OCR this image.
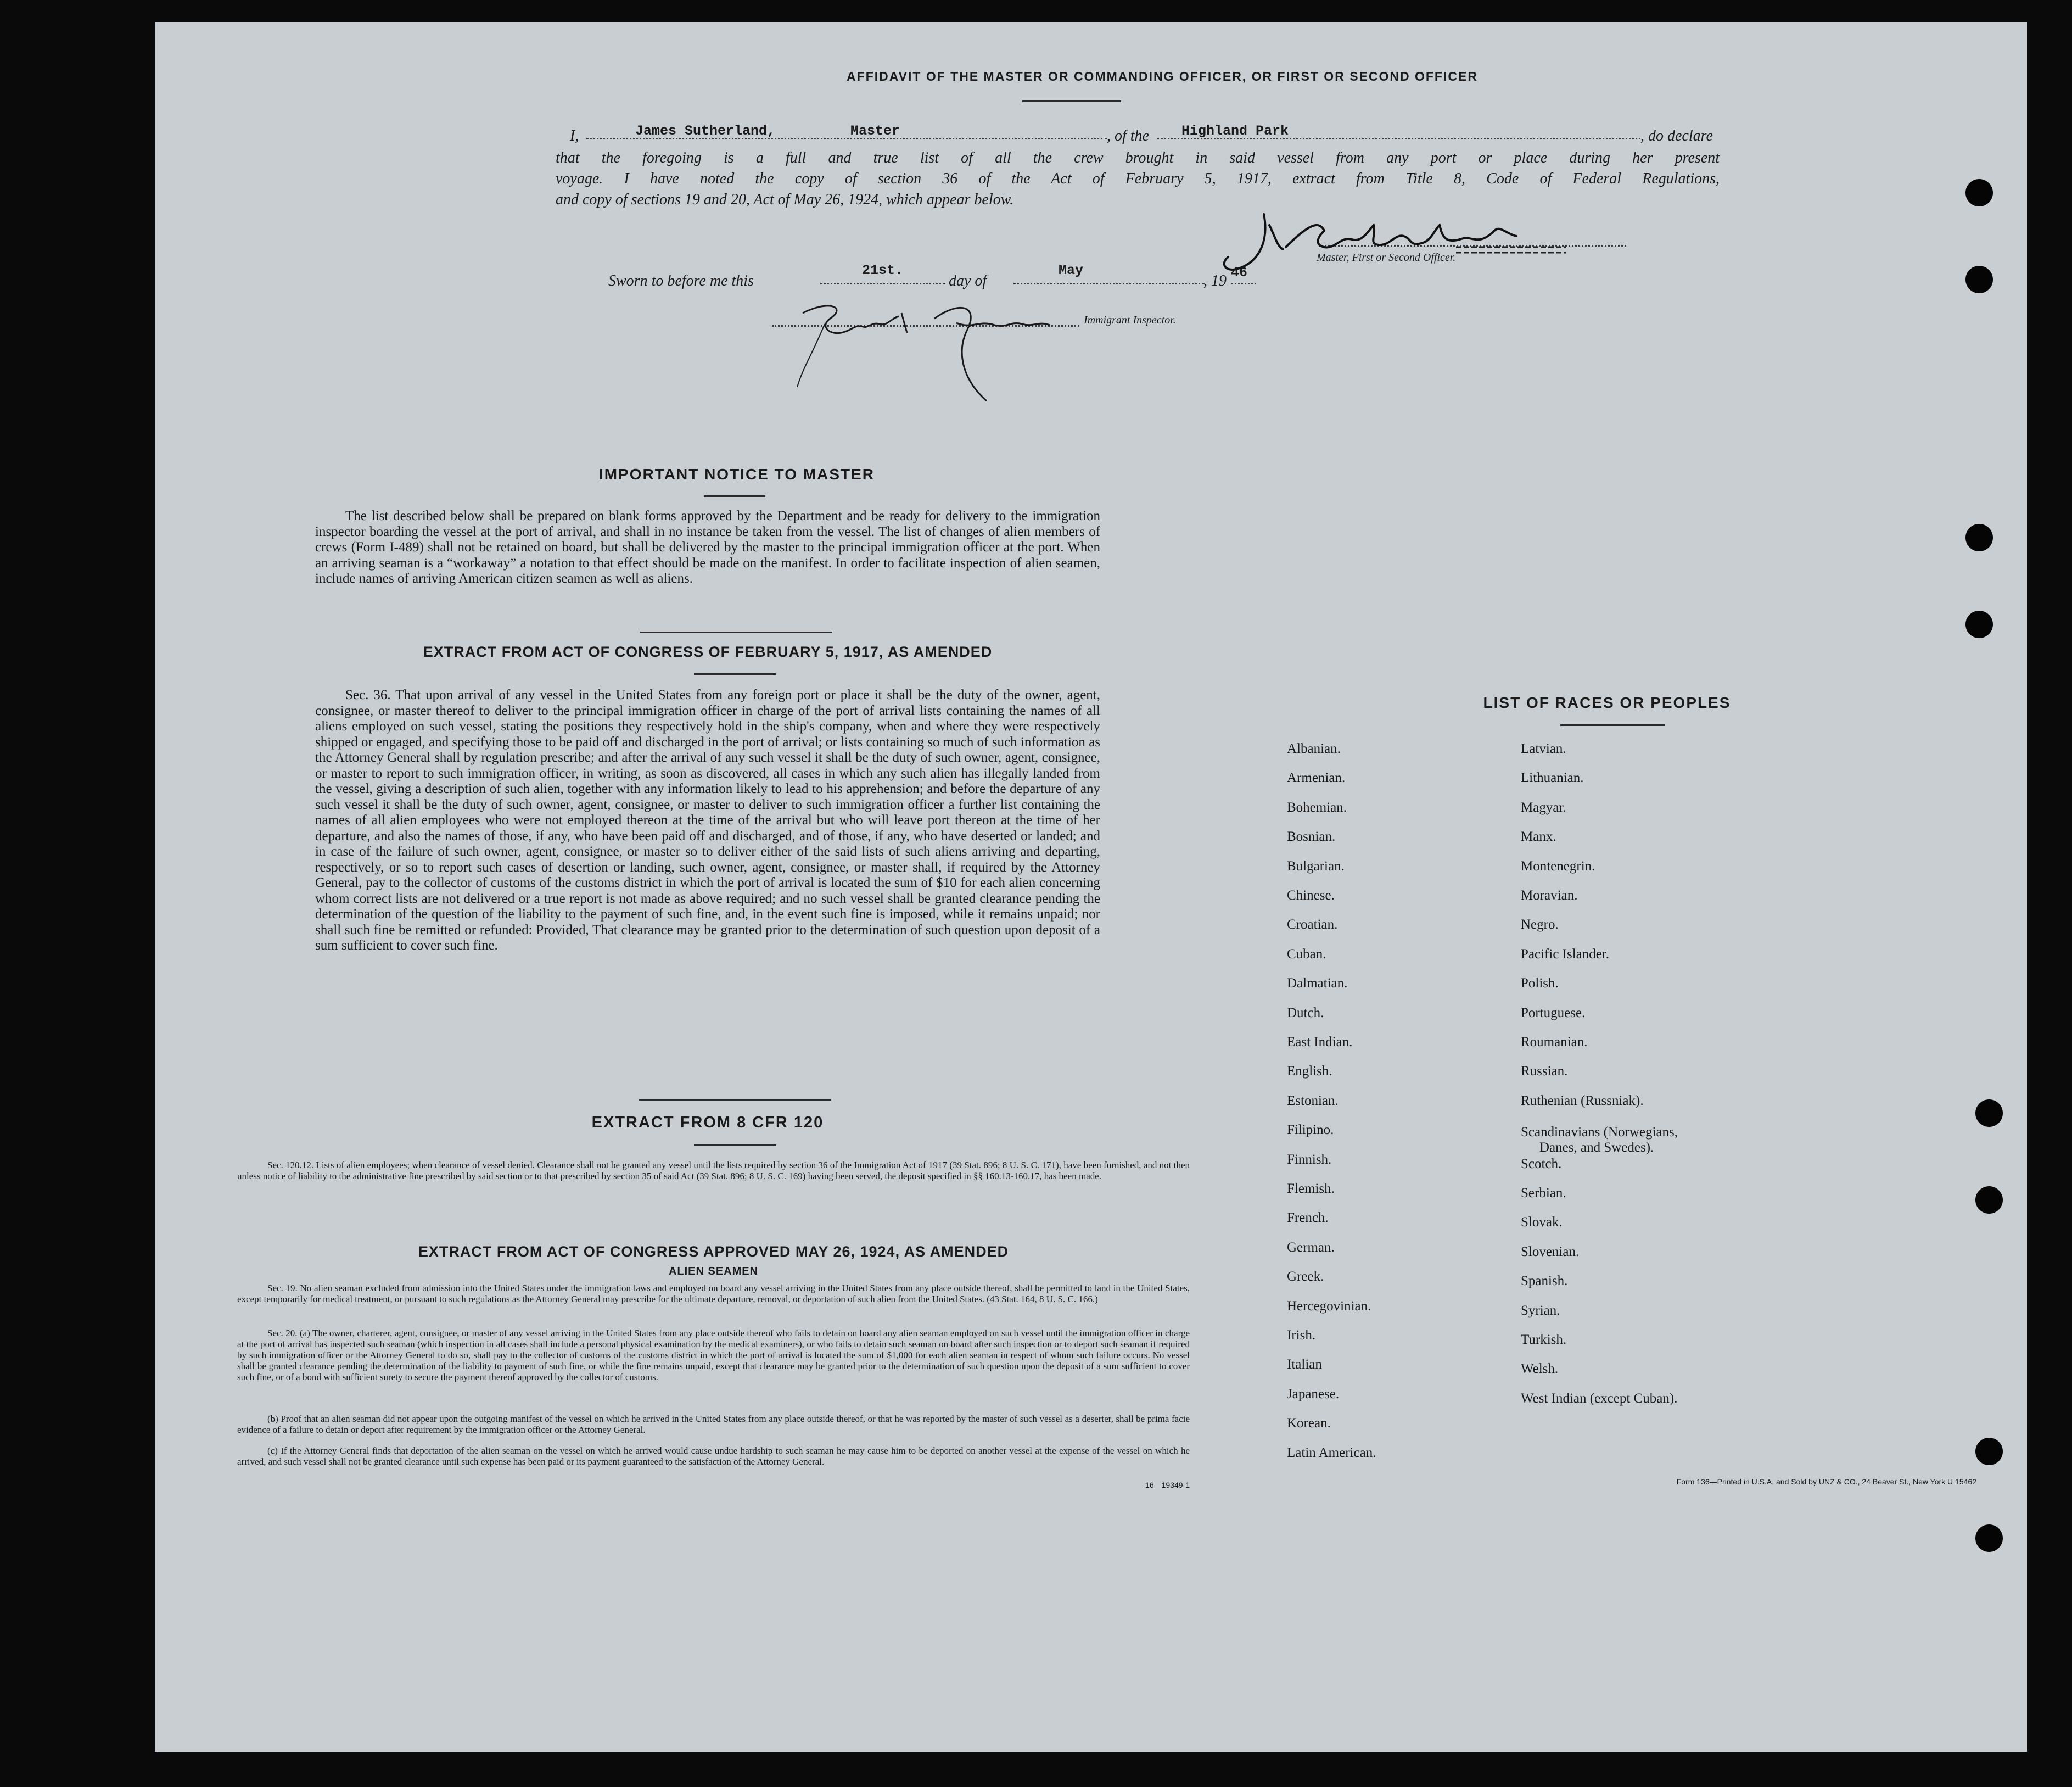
AFFIDAVIT OF THE MASTER OR COMMANDING OFFICER, OR FIRST OR SECOND OFFICER
I,	James Sutherland,	Master	, of the Highland Park	, do declare
that the foregoing is a full and true list of all the crew brought in said vessel from any port or place during her present
voyage. I have noted the copy of section 36 of the Act of February 5, 1917, extract from Title 8, Code of Federal Regulations,
and copy of sections 19 and 20, Act of May 26, 1924, which appear below.
Master, First or Second Officer.
Sworn to before me this
21st.
day of
May
, 19 46
Immigrant Inspector.
IMPORTANT NOTICE TO MASTER
The list described below shall be prepared on blank forms approved by the Department and be ready for delivery to the immigration inspector boarding the vessel at the port of arrival, and shall in no instance be taken from the vessel. The list of changes of alien members of crews (Form I-489) shall not be retained on board, but shall be delivered by the master to the principal immigration officer at the port. When an arriving seaman is a “workaway” a notation to that effect should be made on the manifest. In order to facilitate inspection of alien seamen, include names of arriving American citizen seamen as well as aliens.
EXTRACT FROM ACT OF CONGRESS OF FEBRUARY 5, 1917, AS AMENDED
Sec. 36. That upon arrival of any vessel in the United States from any foreign port or place it shall be the duty of the owner, agent, consignee, or master thereof to deliver to the principal immigration officer in charge of the port of arrival lists containing the names of all aliens employed on such vessel, stating the positions they respectively hold in the ship's company, when and where they were respectively shipped or engaged, and specifying those to be paid off and discharged in the port of arrival; or lists containing so much of such information as the Attorney General shall by regulation prescribe; and after the arrival of any such vessel it shall be the duty of such owner, agent, consignee, or master to report to such immigration officer, in writing, as soon as discovered, all cases in which any such alien has illegally landed from the vessel, giving a description of such alien, together with any information likely to lead to his apprehension; and before the departure of any such vessel it shall be the duty of such owner, agent, consignee, or master to deliver to such immigration officer a further list containing the names of all alien employees who were not employed thereon at the time of the arrival but who will leave port thereon at the time of her departure, and also the names of those, if any, who have been paid off and discharged, and of those, if any, who have deserted or landed; and in case of the failure of such owner, agent, consignee, or master so to deliver either of the said lists of such aliens arriving and departing, respectively, or so to report such cases of desertion or landing, such owner, agent, consignee, or master shall, if required by the Attorney General, pay to the collector of customs of the customs district in which the port of arrival is located the sum of $10 for each alien concerning whom correct lists are not delivered or a true report is not made as above required; and no such vessel shall be granted clearance pending the determination of the question of the liability to the payment of such fine, and, in the event such fine is imposed, while it remains unpaid; nor shall such fine be remitted or refunded: Provided, That clearance may be granted prior to the determination of such question upon deposit of a sum sufficient to cover such fine.
EXTRACT FROM 8 CFR 120
Sec. 120.12. Lists of alien employees; when clearance of vessel denied. Clearance shall not be granted any vessel until the lists required by section 36 of the Immigration Act of 1917 (39 Stat. 896; 8 U. S. C. 171), have been furnished, and not then unless notice of liability to the administrative fine prescribed by said section or to that prescribed by section 35 of said Act (39 Stat. 896; 8 U. S. C. 169) having been served, the deposit specified in §§ 160.13-160.17, has been made.
EXTRACT FROM ACT OF CONGRESS APPROVED MAY 26, 1924, AS AMENDED
ALIEN SEAMEN
Sec. 19. No alien seaman excluded from admission into the United States under the immigration laws and employed on board any vessel arriving in the United States from any place outside thereof, shall be permitted to land in the United States, except temporarily for medical treatment, or pursuant to such regulations as the Attorney General may prescribe for the ultimate departure, removal, or deportation of such alien from the United States. (43 Stat. 164, 8 U. S. C. 166.)
Sec. 20. (a) The owner, charterer, agent, consignee, or master of any vessel arriving in the United States from any place outside thereof who fails to detain on board any alien seaman employed on such vessel until the immigration officer in charge at the port of arrival has inspected such seaman (which inspection in all cases shall include a personal physical examination by the medical examiners), or who fails to detain such seaman on board after such inspection or to deport such seaman if required by such immigration officer or the Attorney General to do so, shall pay to the collector of customs of the customs district in which the port of arrival is located the sum of $1,000 for each alien seaman in respect of whom such failure occurs. No vessel shall be granted clearance pending the determination of the liability to payment of such fine, or while the fine remains unpaid, except that clearance may be granted prior to the determination of such question upon the deposit of a sum sufficient to cover such fine, or of a bond with sufficient surety to secure the payment thereof approved by the collector of customs.
(b) Proof that an alien seaman did not appear upon the outgoing manifest of the vessel on which he arrived in the United States from any place outside thereof, or that he was reported by the master of such vessel as a deserter, shall be prima facie evidence of a failure to detain or deport after requirement by the immigration officer or the Attorney General.
(c) If the Attorney General finds that deportation of the alien seaman on the vessel on which he arrived would cause undue hardship to such seaman he may cause him to be deported on another vessel at the expense of the vessel on which he arrived, and such vessel shall not be granted clearance until such expense has been paid or its payment guaranteed to the satisfaction of the Attorney General.
16—19349-1
LIST OF RACES OR PEOPLES
Albanian.
Armenian.
Bohemian.
Bosnian.
Bulgarian.
Chinese.
Croatian.
Cuban.
Dalmatian.
Dutch.
East Indian.
English.
Estonian.
Filipino.
Finnish.
Flemish.
French.
German.
Greek.
Hercegovinian.
Irish.
Italian
Japanese.
Korean.
Latin American.
Latvian.
Lithuanian.
Magyar.
Manx.
Montenegrin.
Moravian.
Negro.
Pacific Islander.
Polish.
Portuguese.
Roumanian.
Russian.
Ruthenian (Russniak).
Scandinavians (Norwegians,
Danes, and Swedes).
Scotch.
Serbian.
Slovak.
Slovenian.
Spanish.
Syrian.
Turkish.
Welsh.
West Indian (except Cuban).
Form 136—Printed in U.S.A. and Sold by UNZ & CO., 24 Beaver St., New York U 15462
